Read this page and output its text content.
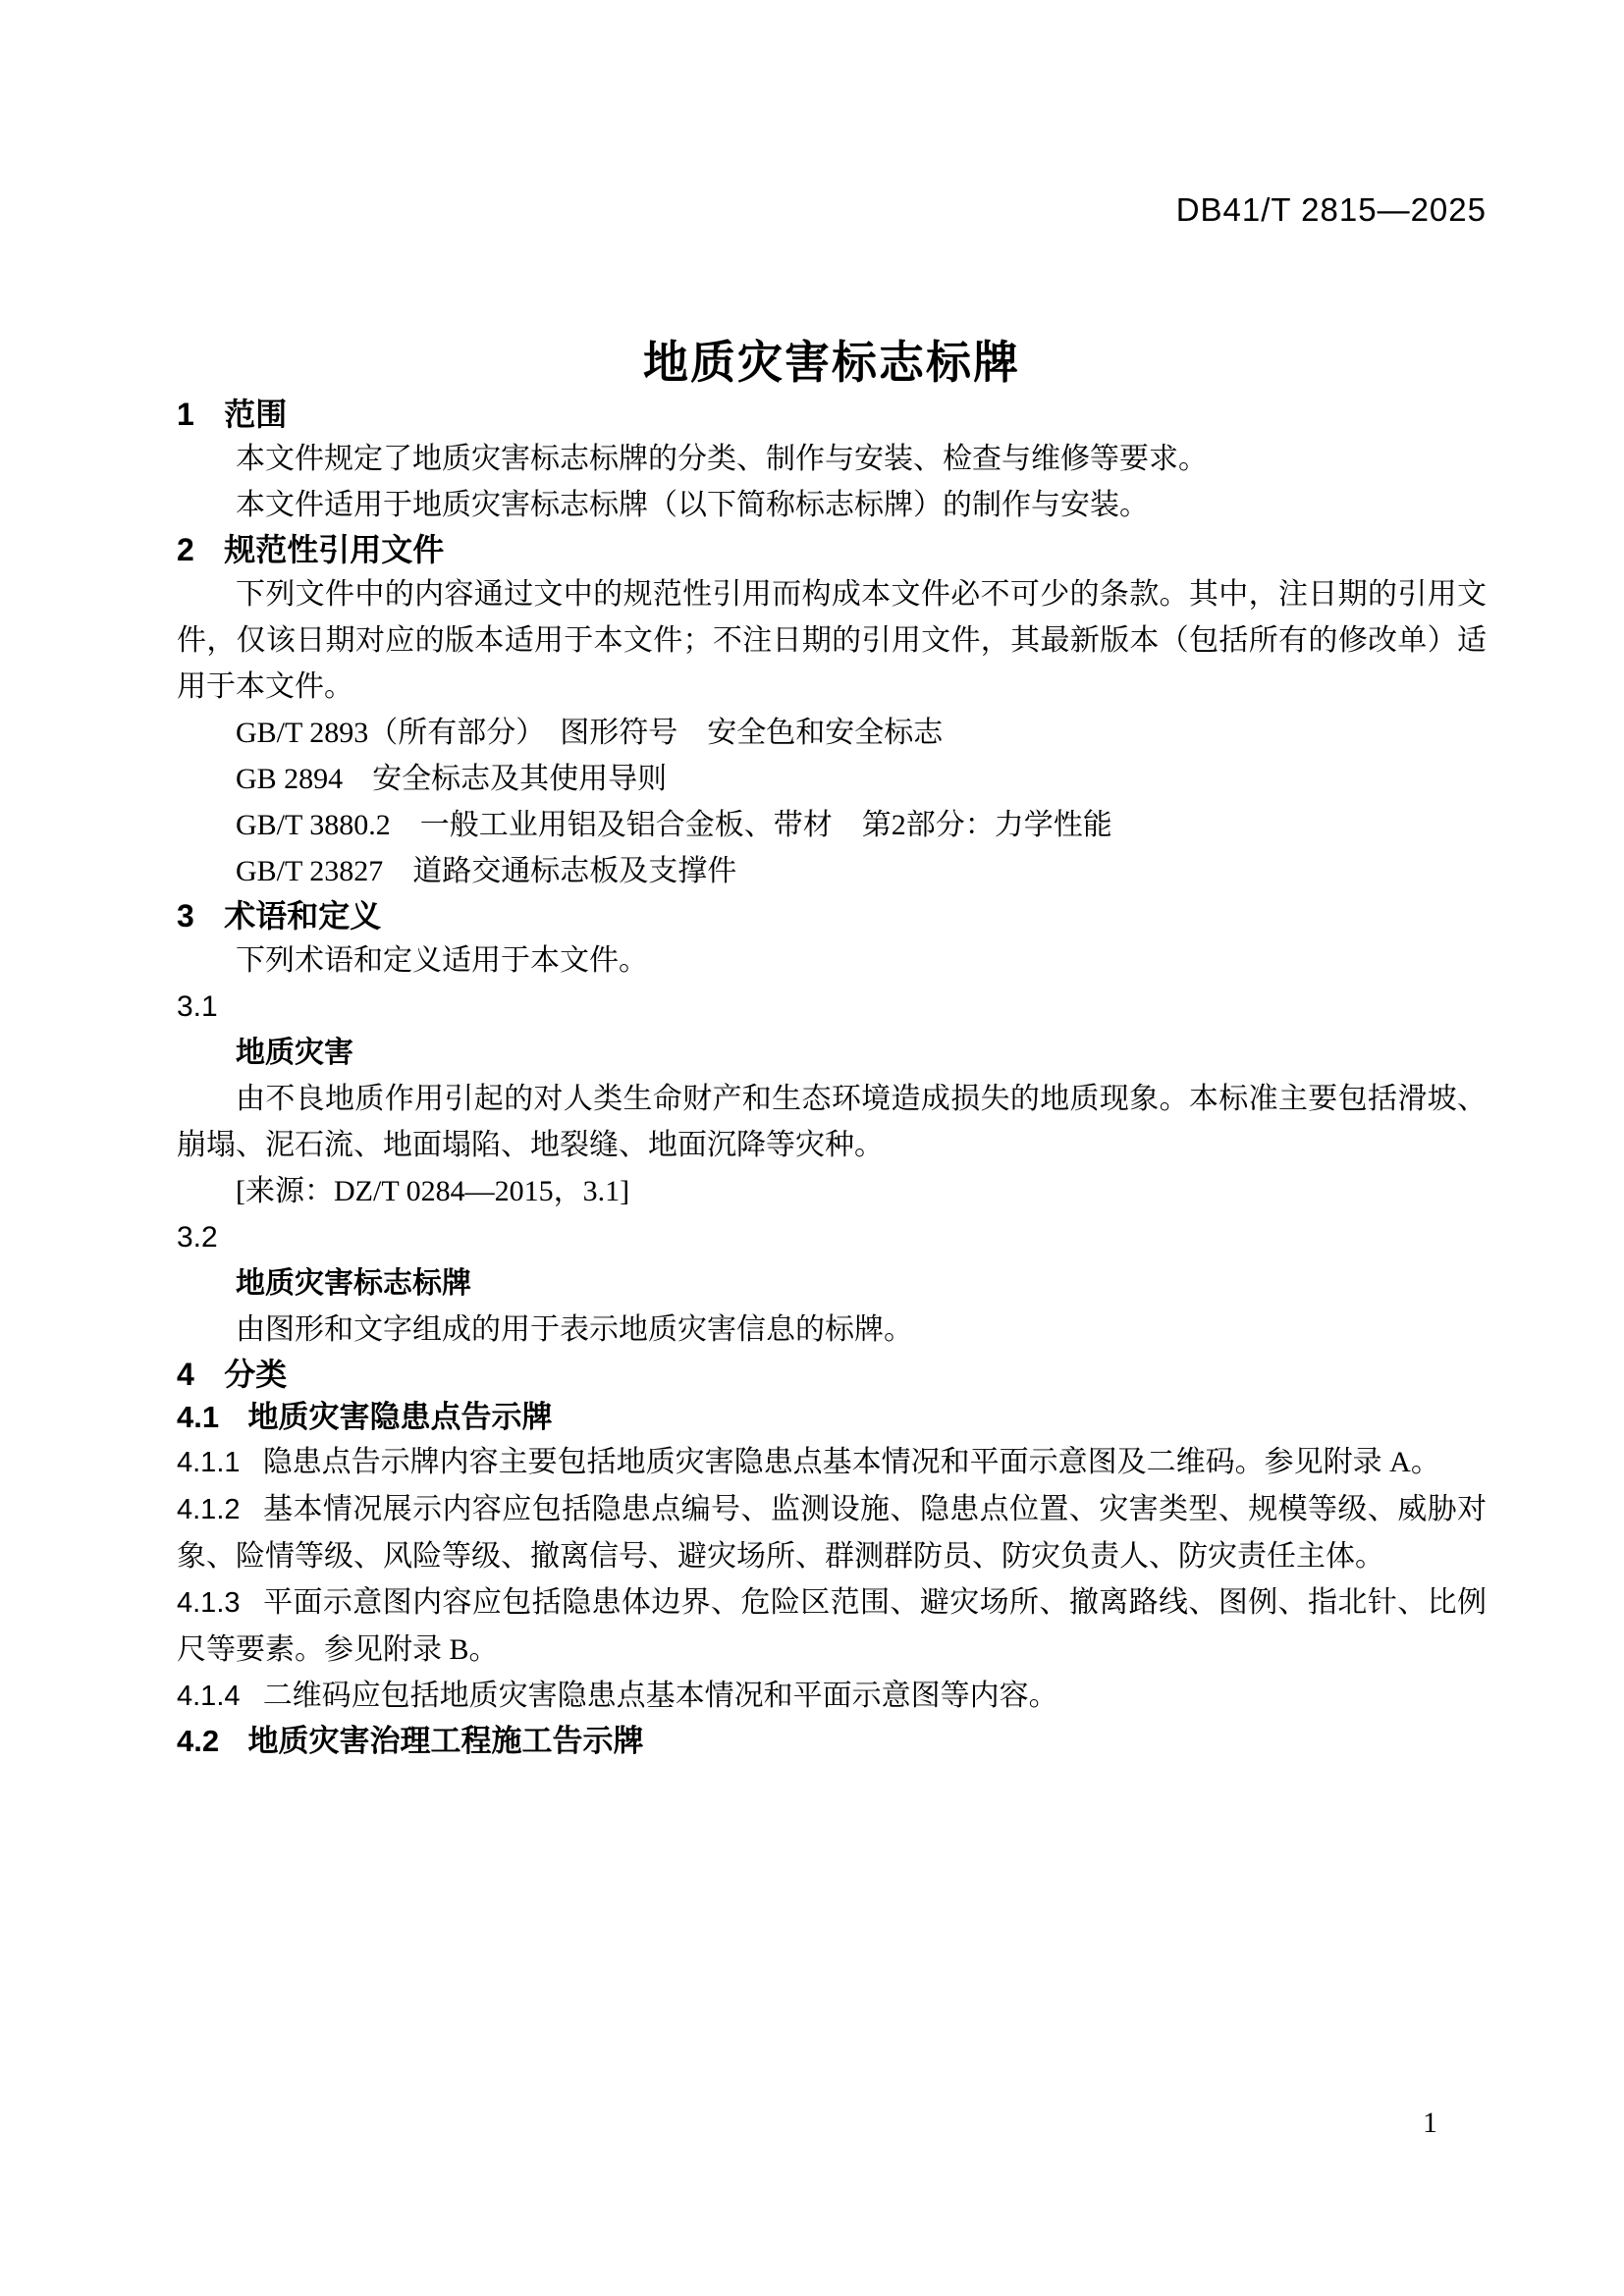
DB41/T 2815—2025
地质灾害标志标牌
1 范围

本文件规定了地质灾害标志标牌的分类、制作与安装、检查与维修等要求。

本文件适用于地质灾害标志标牌（以下简称标志标牌）的制作与安装。

2 规范性引用文件

下列文件中的内容通过文中的规范性引用而构成本文件必不可少的条款。其中，注日期的引用文件，仅该日期对应的版本适用于本文件；不注日期的引用文件，其最新版本（包括所有的修改单）适用于本文件。

GB/T 2893（所有部分）　图形符号　安全色和安全标志

GB 2894　安全标志及其使用导则

GB/T 3880.2　一般工业用铝及铝合金板、带材　第2部分：力学性能

GB/T 23827　道路交通标志板及支撑件

3 术语和定义

下列术语和定义适用于本文件。

3.1

地质灾害

由不良地质作用引起的对人类生命财产和生态环境造成损失的地质现象。本标准主要包括滑坡、崩塌、泥石流、地面塌陷、地裂缝、地面沉降等灾种。

[来源：DZ/T 0284—2015，3.1]

3.2

地质灾害标志标牌

由图形和文字组成的用于表示地质灾害信息的标牌。

4 分类
4.1 地质灾害隐患点告示牌

4.1.1 隐患点告示牌内容主要包括地质灾害隐患点基本情况和平面示意图及二维码。参见附录 A。

4.1.2 基本情况展示内容应包括隐患点编号、监测设施、隐患点位置、灾害类型、规模等级、威胁对象、险情等级、风险等级、撤离信号、避灾场所、群测群防员、防灾负责人、防灾责任主体。

4.1.3 平面示意图内容应包括隐患体边界、危险区范围、避灾场所、撤离路线、图例、指北针、比例尺等要素。参见附录 B。

4.1.4 二维码应包括地质灾害隐患点基本情况和平面示意图等内容。

4.2 地质灾害治理工程施工告示牌
1
